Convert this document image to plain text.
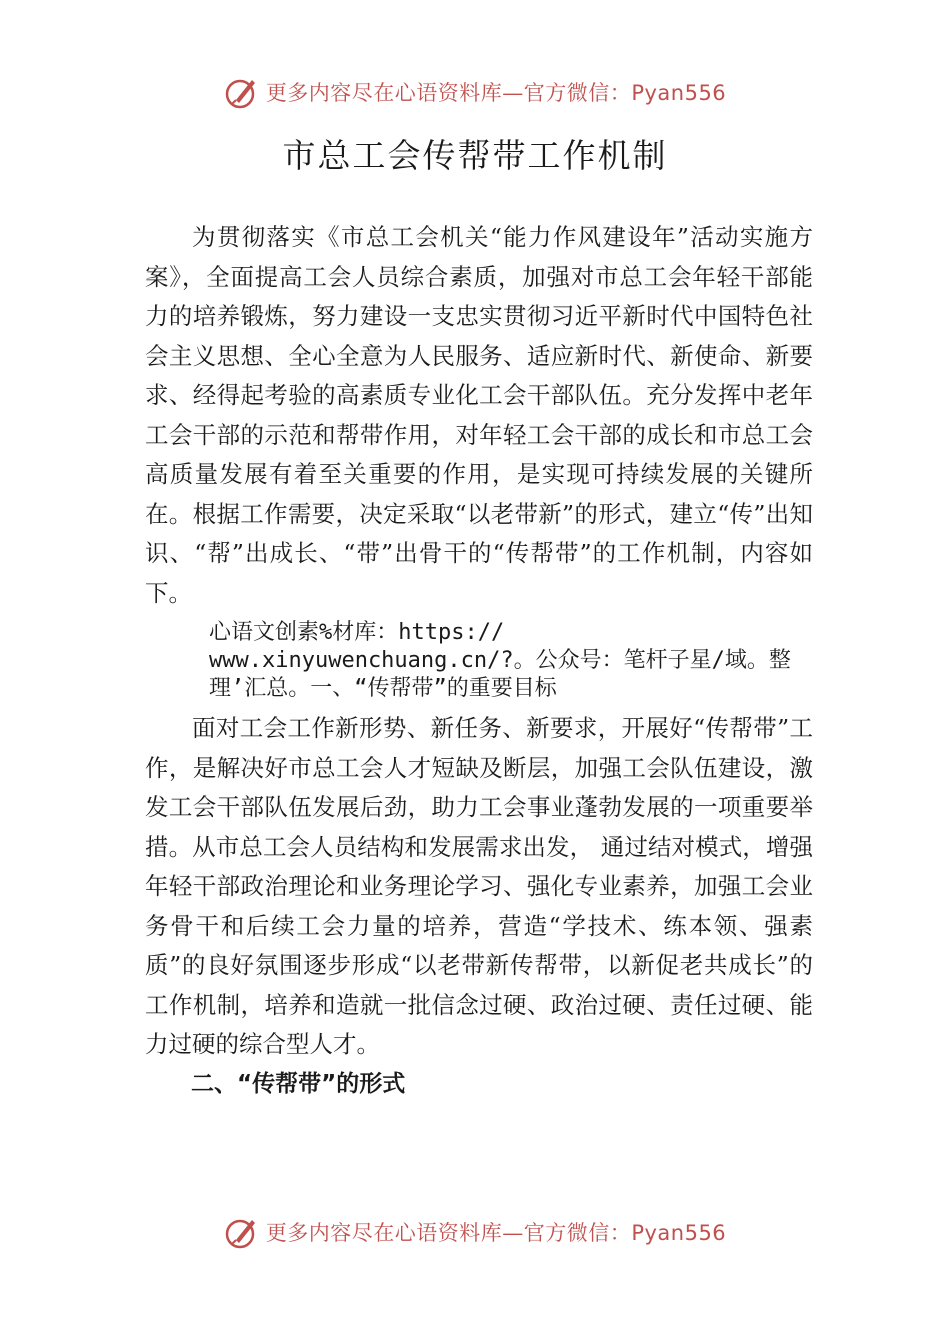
更多内容尽在心语资料库—官方微信：Pyan556
市总工会传帮带工作机制

为贯彻落实《市总工会机关“能力作风建设年”活动实施方案》，全面提高工会人员综合素质，加强对市总工会年轻干部能力的培养锻炼，努力建设一支忠实贯彻习近平新时代中国特色社会主义思想、全心全意为人民服务、适应新时代、新使命、新要求、经得起考验的高素质专业化工会干部队伍。充分发挥中老年工会干部的示范和帮带作用，对年轻工会干部的成长和市总工会高质量发展有着至关重要的作用，是实现可持续发展的关键所在。根据工作需要，决定采取“以老带新”的形式，建立“传”出知识、“帮”出成长、“带”出骨干的“传帮带”的工作机制，内容如下。

心语文创素%材库：https:// www.xinyuwenchuang.cn/?。公众号：笔杆子星/域。整理’汇总。一、“传帮带”的重要目标

面对工会工作新形势、新任务、新要求，开展好“传帮带”工作，是解决好市总工会人才短缺及断层，加强工会队伍建设，激发工会干部队伍发展后劲，助力工会事业蓬勃发展的一项重要举措。从市总工会人员结构和发展需求出发， 通过结对模式，增强年轻干部政治理论和业务理论学习、强化专业素养，加强工会业务骨干和后续工会力量的培养，营造“学技术、练本领、强素质”的良好氛围逐步形成“以老带新传帮带，以新促老共成长”的工作机制，培养和造就一批信念过硬、政治过硬、责任过硬、能力过硬的综合型人才。

二、“传帮带”的形式

更多内容尽在心语资料库—官方微信：Pyan556
